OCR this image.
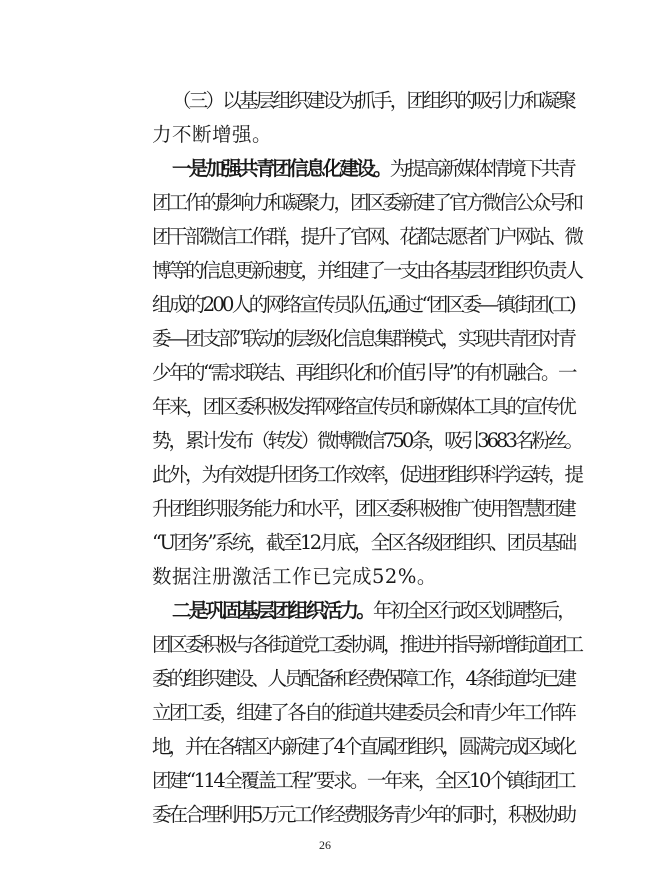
（三）以基层组织建设为抓手，团组织的吸引力和凝聚
力不断增强。
一是加强共青团信息化建设。为提高新媒体情境下共青
团工作的影响力和凝聚力，团区委新建了官方微信公众号和
团干部微信工作群，提升了官网、花都志愿者门户网站、微
博等的信息更新速度，并组建了一支由各基层团组织负责人
组成的200人的网络宣传员队伍,通过“团区委—镇街团(工)
委—团支部”联动的层级化信息集群模式，实现共青团对青
少年的“需求联结、再组织化和价值引导”的有机融合。一
年来，团区委积极发挥网络宣传员和新媒体工具的宣传优
势，累计发布（转发）微博微信750条，吸引3683名粉丝。
此外，为有效提升团务工作效率，促进团组织科学运转，提
升团组织服务能力和水平，团区委积极推广使用智慧团建
“U团务”系统，截至12月底，全区各级团组织、团员基础
数据注册激活工作已完成52%。
二是巩固基层团组织活力。年初全区行政区划调整后，
团区委积极与各街道党工委协调，推进并指导新增街道团工
委的组织建设、人员配备和经费保障工作，4条街道均已建
立团工委，组建了各自的街道共建委员会和青少年工作阵
地，并在各辖区内新建了4个直属团组织，圆满完成区域化
团建“114全覆盖工程”要求。一年来，全区10个镇街团工
委在合理利用5万元工作经费服务青少年的同时，积极协助
26
